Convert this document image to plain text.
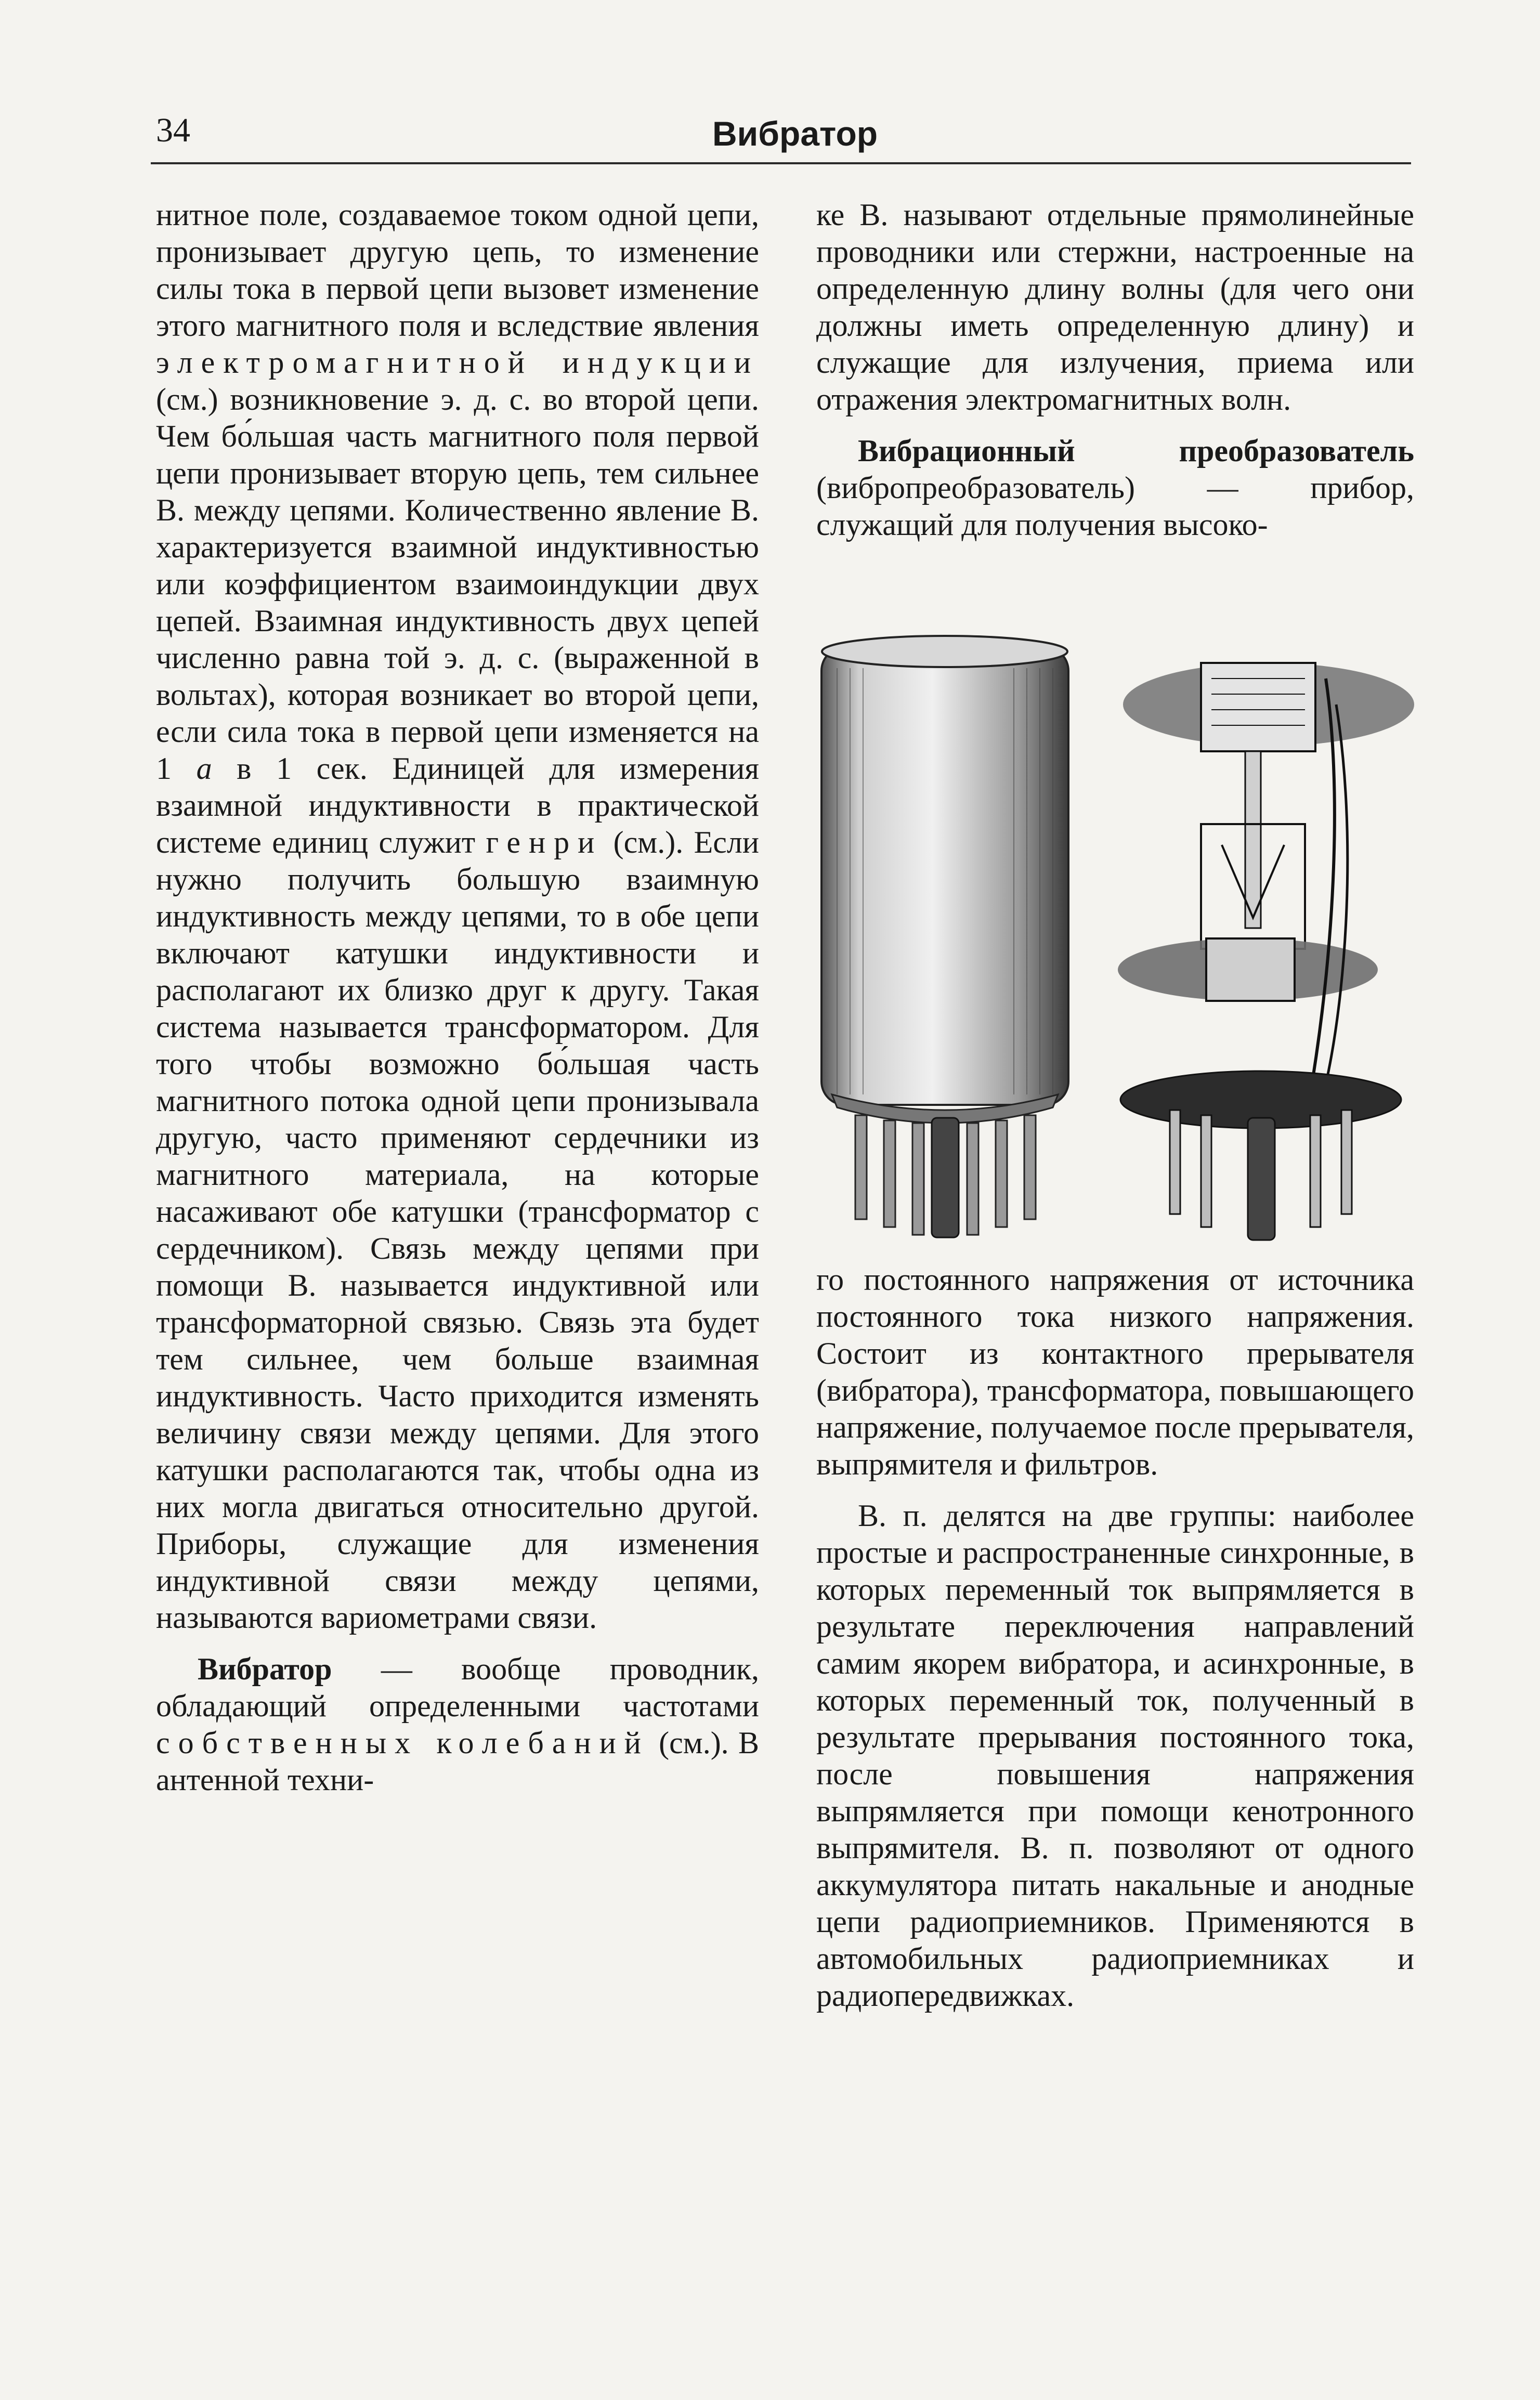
34	Вибратор

нитное поле, создаваемое током одной цепи, пронизывает другую цепь, то изменение силы тока в первой цепи вызовет изменение этого магнитного поля и вследствие явления электромагнитной индукции (см.) возникновение э. д. с. во второй цепи. Чем бо́льшая часть магнитного поля первой цепи пронизывает вторую цепь, тем сильнее В. между цепями. Количественно явление В. характеризуется взаимной индуктивностью или коэффициентом взаимоиндукции двух цепей. Взаимная индуктивность двух цепей численно равна той э. д. с. (выраженной в вольтах), которая возникает во второй цепи, если сила тока в первой цепи изменяется на 1 а в 1 сек. Единицей для измерения взаимной индуктивности в практической системе единиц служит генри (см.). Если нужно получить большую взаимную индуктивность между цепями, то в обе цепи включают катушки индуктивности и располагают их близко друг к другу. Такая система называется трансформатором. Для того чтобы возможно бо́льшая часть магнитного потока одной цепи пронизывала другую, часто применяют сердечники из магнитного материала, на которые насаживают обе катушки (трансформатор с сердечником). Связь между цепями при помощи В. называется индуктивной или трансформаторной связью. Связь эта будет тем сильнее, чем больше взаимная индуктивность. Часто приходится изменять величину связи между цепями. Для этого катушки располагаются так, чтобы одна из них могла двигаться относительно другой. Приборы, служащие для изменения индуктивной связи между цепями, называются вариометрами связи.

Вибратор — вообще проводник, обладающий определенными частотами собственных колебаний (см.). В антенной техни-

ке В. называют отдельные прямолинейные проводники или стержни, настроенные на определенную длину волны (для чего они должны иметь определенную длину) и служащие для излучения, приема или отражения электромагнитных волн.

Вибрационный преобразователь (вибропреобразователь) — прибор, служащий для получения высоко-

го постоянного напряжения от источника постоянного тока низкого напряжения. Состоит из контактного прерывателя (вибратора), трансформатора, повышающего напряжение, получаемое после прерывателя, выпрямителя и фильтров.

В. п. делятся на две группы: наиболее простые и распространенные синхронные, в которых переменный ток выпрямляется в результате переключения направлений самим якорем вибратора, и асинхронные, в которых переменный ток, полученный в результате прерывания постоянного тока, после повышения напряжения выпрямляется при помощи кенотронного выпрямителя. В. п. позволяют от одного аккумулятора питать накальные и анодные цепи радиоприемников. Применяются в автомобильных радиоприемниках и радиопередвижках.
